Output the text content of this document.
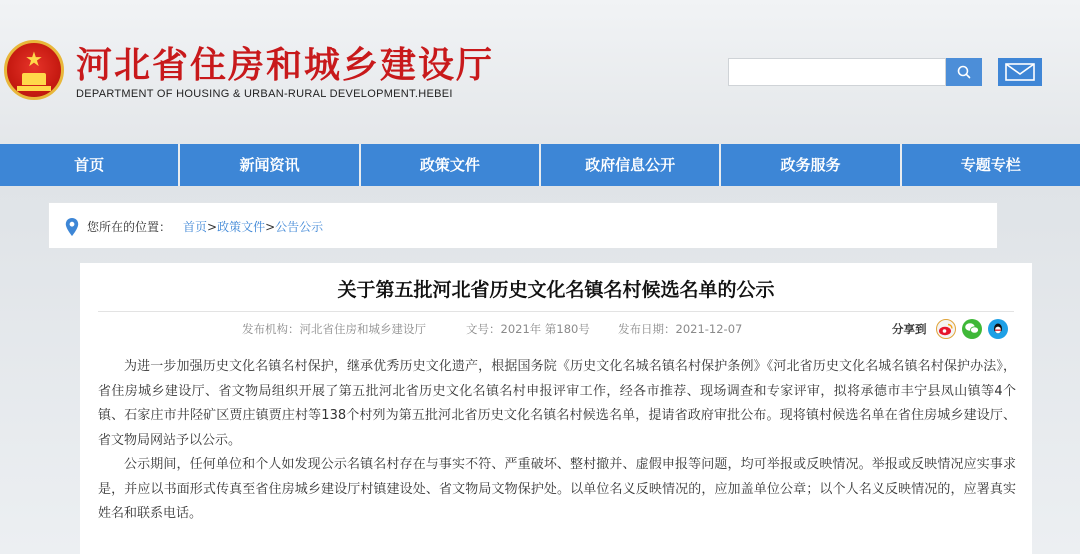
★ 河北省住房和城乡建设厅
DEPARTMENT OF HOUSING & URBAN-RURAL DEVELOPMENT.HEBEI
首页	新闻资讯	政策文件	政府信息公开	政务服务	专题专栏
您所在的位置： 首页>政策文件>公告公示
关于第五批河北省历史文化名镇名村候选名单的公示
发布机构：河北省住房和城乡建设厅	文号：2021年 第180号 发布日期：2021-12-07	分享到

为进一步加强历史文化名镇名村保护，继承优秀历史文化遗产，根据国务院《历史文化名城名镇名村保护条例》《河北省历史文化名城名镇名村保护办法》，省住房城乡建设厅、省文物局组织开展了第五批河北省历史文化名镇名村申报评审工作，经各市推荐、现场调查和专家评审，拟将承德市丰宁县凤山镇等4个镇、石家庄市井陉矿区贾庄镇贾庄村等138个村列为第五批河北省历史文化名镇名村候选名单，提请省政府审批公布。现将镇村候选名单在省住房城乡建设厅、省文物局网站予以公示。

公示期间，任何单位和个人如发现公示名镇名村存在与事实不符、严重破坏、整村撤并、虚假申报等问题，均可举报或反映情况。举报或反映情况应实事求是，并应以书面形式传真至省住房城乡建设厅村镇建设处、省文物局文物保护处。以单位名义反映情况的，应加盖单位公章；以个人名义反映情况的，应署真实姓名和联系电话。
